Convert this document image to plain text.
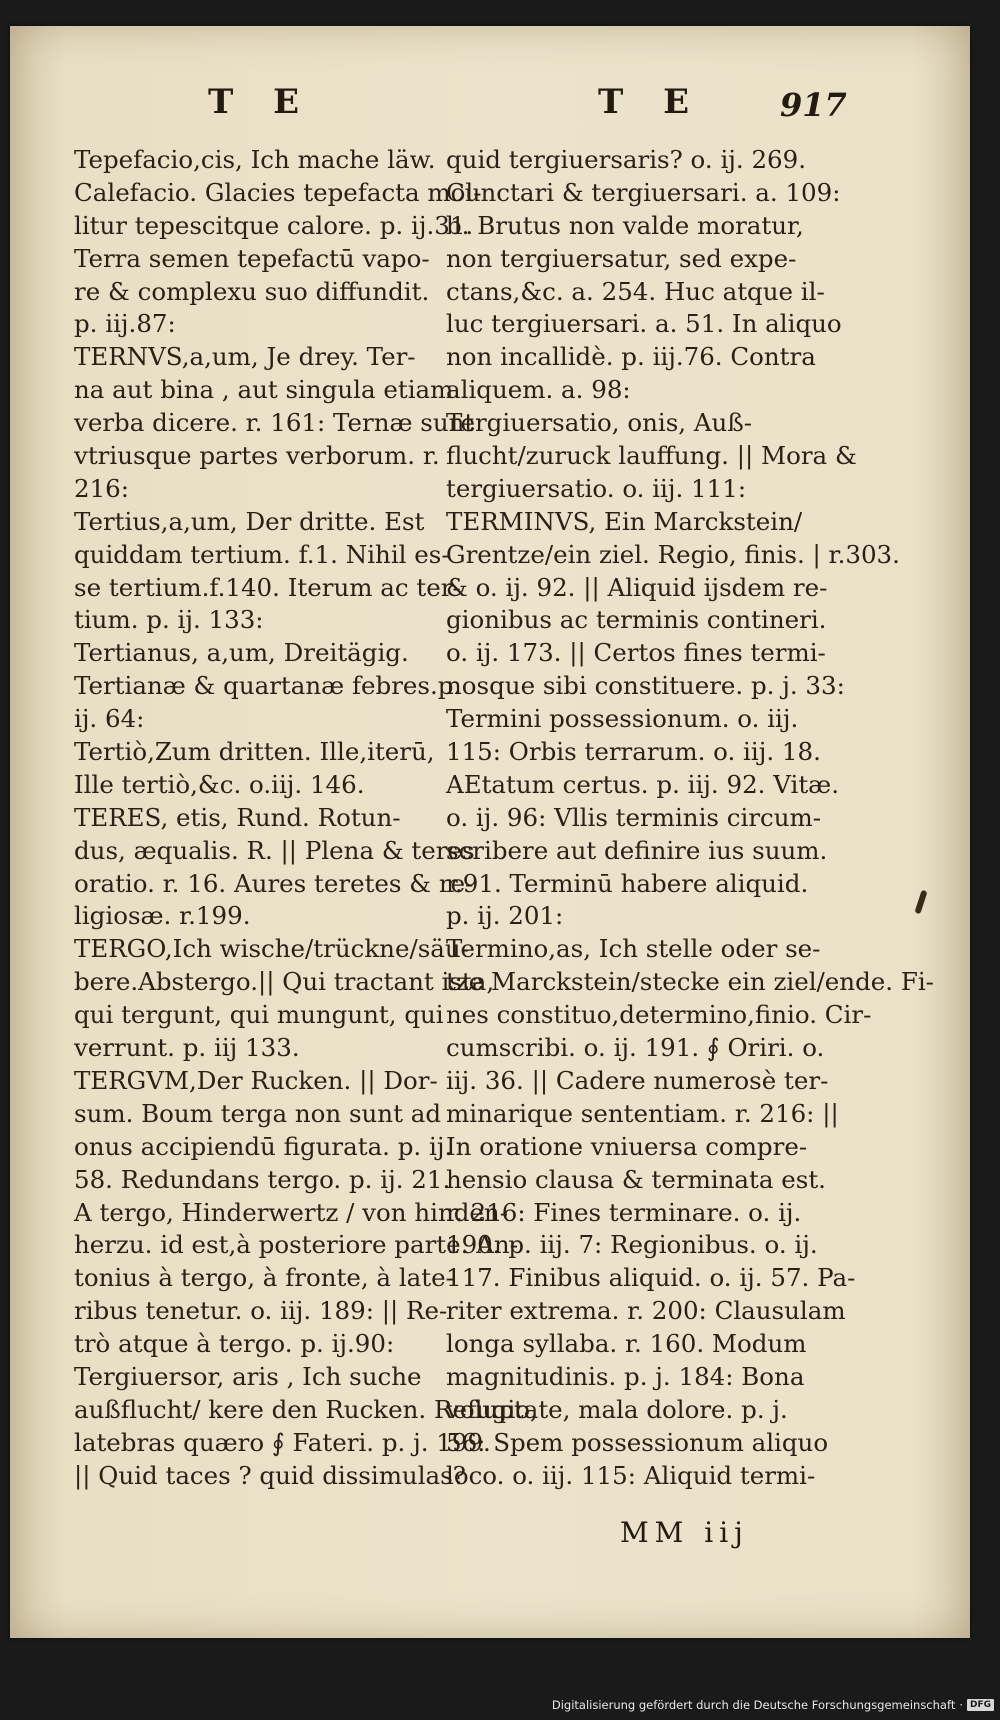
T E	T E 917
Tepefacio,cis, Ich mache läw.
Calefacio. Glacies tepefacta mol-
litur tepescitque calore. p. ij.31.
Terra semen tepefactū vapo-
re & complexu suo diffundit.
p. iij.87:
TERNVS,a,um, Je drey. Ter-
na aut bina , aut singula etiam
verba dicere. r. 161: Ternæ sunt
vtriusque partes verborum. r.
216:
Tertius,a,um, Der dritte. Est
quiddam tertium. f.1. Nihil es-
se tertium.f.140. Iterum ac ter-
tium. p. ij. 133:
Tertianus, a,um, Dreitägig.
Tertianæ & quartanæ febres.p.
ij. 64:
Tertiò,Zum dritten. Ille,iterū,
Ille tertiò,&c. o.iij. 146.
TERES, etis, Rund. Rotun-
dus, æqualis. R. || Plena & teres
oratio. r. 16. Aures teretes & re-
ligiosæ. r.199.
TERGO,Ich wische/trückne/säu-
bere.Abstergo.|| Qui tractant ista,
qui tergunt, qui mungunt, qui
verrunt. p. iij 133.
TERGVM,Der Rucken. || Dor-
sum. Boum terga non sunt ad
onus accipiendū figurata. p. ij.
58. Redundans tergo. p. ij. 21.
A tergo, Hinderwertz / von hinden-
herzu. id est,à posteriore parte. An-
tonius à tergo, à fronte, à late-
ribus tenetur. o. iij. 189: || Re-
trò atque à tergo. p. ij.90:
Tergiuersor, aris , Ich suche
außflucht/ kere den Rucken. Refugio,
latebras quæro ∮ Fateri. p. j. 199.
|| Quid taces ? quid dissimulas?
quid tergiuersaris? o. ij. 269.
Cunctari & tergiuersari. a. 109:
b. Brutus non valde moratur,
non tergiuersatur, sed expe-
ctans,&c. a. 254. Huc atque il-
luc tergiuersari. a. 51. In aliquo
non incallidè. p. iij.76. Contra
aliquem. a. 98:
Tergiuersatio, onis, Auß-
flucht/zuruck lauffung. || Mora &
tergiuersatio. o. iij. 111:
TERMINVS, Ein Marckstein/
Grentze/ein ziel. Regio, finis. | r.303.
& o. ij. 92. || Aliquid ijsdem re-
gionibus ac terminis contineri.
o. ij. 173. || Certos fines termi-
nosque sibi constituere. p. j. 33:
Termini possessionum. o. iij.
115: Orbis terrarum. o. iij. 18.
AEtatum certus. p. iij. 92. Vitæ.
o. ij. 96: Vllis terminis circum-
scribere aut definire ius suum.
r.91. Terminū habere aliquid.
p. ij. 201:
Termino,as, Ich stelle oder se-
tze Marckstein/stecke ein ziel/ende. Fi-
nes constituo,determino,finio. Cir-
cumscribi. o. ij. 191. ∮ Oriri. o.
iij. 36. || Cadere numerosè ter-
minarique sententiam. r. 216: ||
In oratione vniuersa compre-
hensio clausa & terminata est.
r. 216: Fines terminare. o. ij.
190. p. iij. 7: Regionibus. o. ij.
117. Finibus aliquid. o. ij. 57. Pa-
riter extrema. r. 200: Clausulam
longa syllaba. r. 160. Modum
magnitudinis. p. j. 184: Bona
voluptate, mala dolore. p. j.
56: Spem possessionum aliquo
loco. o. iij. 115: Aliquid termi-
MM iij
Digitalisierung gefördert durch die Deutsche Forschungsgemeinschaft · DFG
